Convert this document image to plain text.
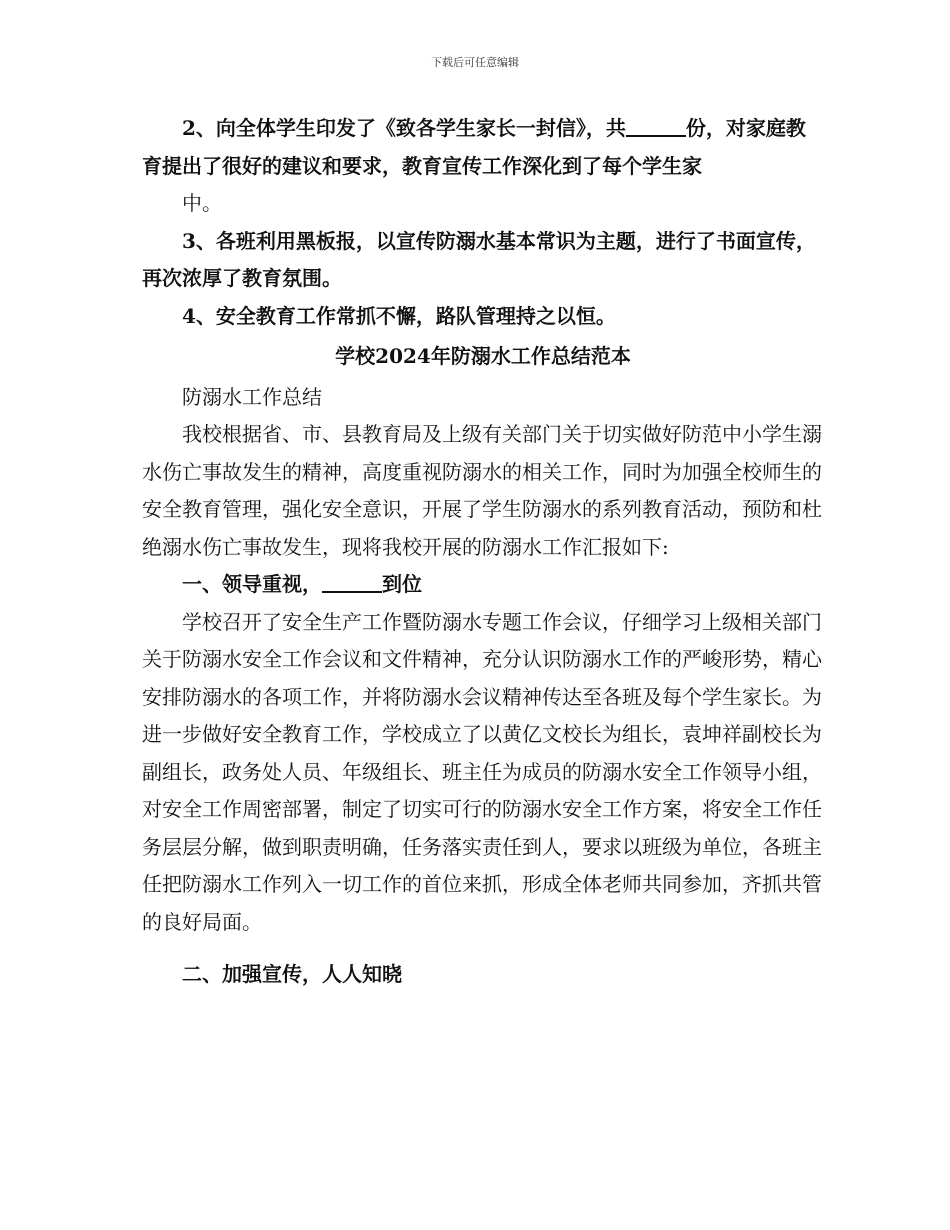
下载后可任意编辑

2、向全体学生印发了《致各学生家长一封信》，共	份，对家庭教育提出了很好的建议和要求，教育宣传工作深化到了每个学生家

中。

3、各班利用黑板报，以宣传防溺水基本常识为主题，进行了书面宣传，再次浓厚了教育氛围。

4、安全教育工作常抓不懈，路队管理持之以恒。

学校2024年防溺水工作总结范本

防溺水工作总结

我校根据省、市、县教育局及上级有关部门关于切实做好防范中小学生溺水伤亡事故发生的精神，高度重视防溺水的相关工作，同时为加强全校师生的安全教育管理，强化安全意识，开展了学生防溺水的系列教育活动，预防和杜绝溺水伤亡事故发生，现将我校开展的防溺水工作汇报如下:

一、领导重视，	到位

学校召开了安全生产工作暨防溺水专题工作会议，仔细学习上级相关部门关于防溺水安全工作会议和文件精神，充分认识防溺水工作的严峻形势，精心安排防溺水的各项工作，并将防溺水会议精神传达至各班及每个学生家长。为进一步做好安全教育工作，学校成立了以黄亿文校长为组长，袁坤祥副校长为副组长，政务处人员、年级组长、班主任为成员的防溺水安全工作领导小组，对安全工作周密部署，制定了切实可行的防溺水安全工作方案，将安全工作任务层层分解，做到职责明确，任务落实责任到人，要求以班级为单位，各班主任把防溺水工作列入一切工作的首位来抓，形成全体老师共同参加，齐抓共管的良好局面。

二、加强宣传，人人知晓
